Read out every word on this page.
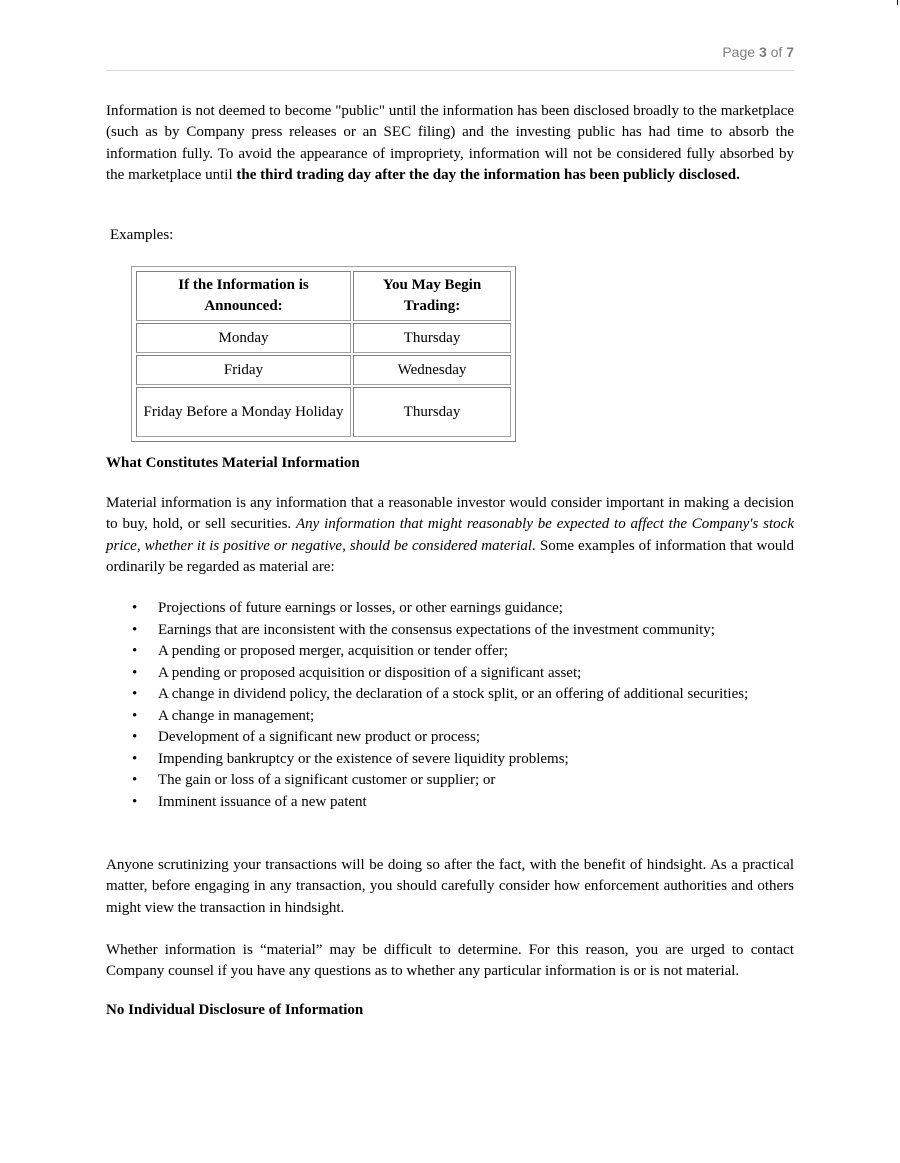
Page 3 of 7

Information is not deemed to become "public" until the information has been disclosed broadly to the marketplace (such as by Company press releases or an SEC filing) and the investing public has had time to absorb the information fully. To avoid the appearance of impropriety, information will not be considered fully absorbed by the marketplace until the third trading day after the day the information has been publicly disclosed.

Examples:

If the Information is Announced:	You May Begin Trading:
Monday	Thursday
Friday	Wednesday
Friday Before a Monday Holiday	Thursday

What Constitutes Material Information

Material information is any information that a reasonable investor would consider important in making a decision to buy, hold, or sell securities. Any information that might reasonably be expected to affect the Company's stock price, whether it is positive or negative, should be considered material. Some examples of information that would ordinarily be regarded as material are:

• Projections of future earnings or losses, or other earnings guidance;
• Earnings that are inconsistent with the consensus expectations of the investment community;
• A pending or proposed merger, acquisition or tender offer;
• A pending or proposed acquisition or disposition of a significant asset;
• A change in dividend policy, the declaration of a stock split, or an offering of additional securities;
• A change in management;
• Development of a significant new product or process;
• Impending bankruptcy or the existence of severe liquidity problems;
• The gain or loss of a significant customer or supplier; or
• Imminent issuance of a new patent

Anyone scrutinizing your transactions will be doing so after the fact, with the benefit of hindsight. As a practical matter, before engaging in any transaction, you should carefully consider how enforcement authorities and others might view the transaction in hindsight.

Whether information is “material” may be difficult to determine. For this reason, you are urged to contact Company counsel if you have any questions as to whether any particular information is or is not material.

No Individual Disclosure of Information
